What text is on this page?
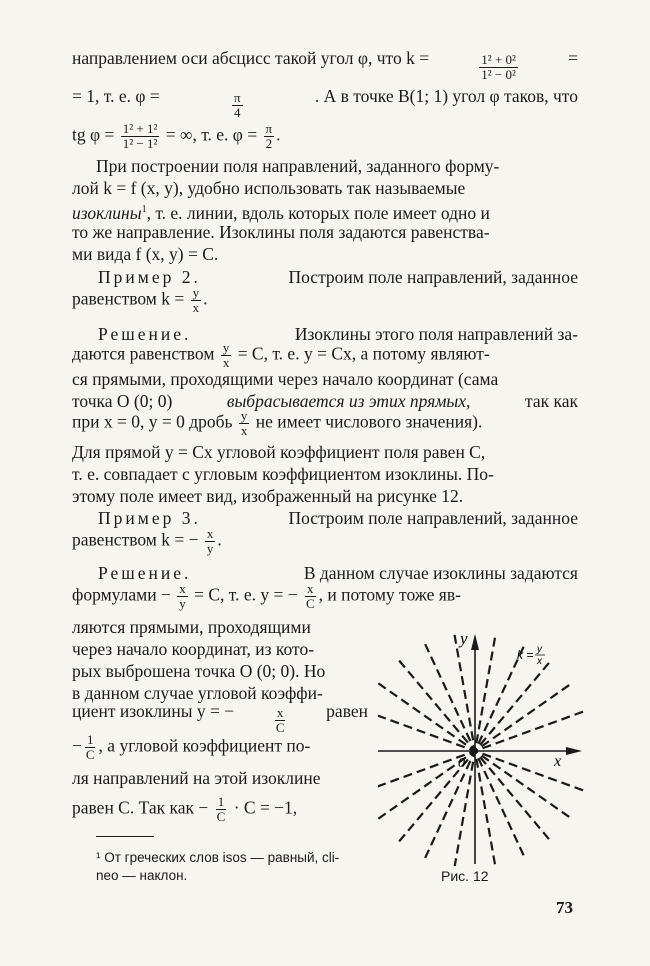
направлением оси абсцисс такой угол φ, что k =	$\frac{\text{1² + 0²}}{\text{1² − 0²}}$	=
= 1, т. е. φ =	$\frac{\pi}{4}$	. А в точке B(1; 1) угол φ таков, что
tg $\varphi = \frac{\text{1² + 1²}}{\text{1² − 1²}}$ = ∞, т. е. $\varphi = \frac{\pi}{2}$ .
При построении поля направлений, заданного форму-
лой k = f (x, y), удобно использовать так называемые
изоклины$^1$, т. е. линии, вдоль которых поле имеет одно и
то же направление. Изоклины поля задаются равенства-
ми вида f (x, y) = C.
Пример 2.	Построим поле направлений, заданное
равенством $k = \frac{y}{x}$ .
Решение.	Изоклины этого поля направлений за-
даются равенством $\frac{y}{x} = C$, т. е. y = Cx, а потому являют-
ся прямыми, проходящими через начало координат (сама
точка O (0; 0)	выбрасывается из этих прямых,	так как
при x = 0, y = 0 дробь $\frac{y}{x}$ не имеет числового значения).
Для прямой y = Cx угловой коэффициент поля равен C,
т. е. совпадает с угловым коэффициентом изоклины. По-
этому поле имеет вид, изображенный на рисунке 12.
Пример 3.	Построим поле направлений, заданное
равенством k = − $\frac{x}{y}$ .
Решение.	В данном случае изоклины задаются
формулами − $\frac{x}{y} = C$, т. е. y = − $\frac{x}{C}$ , и потому тоже яв-
ляются прямыми, проходящими
через начало координат, из кото-
рых выброшена точка O (0; 0). Но
в данном случае угловой коэффи-
циент изоклины y = −	$\frac{x}{C}$ равен
− $\frac{1}{C}$ , а угловой коэффициент по-
ля направлений на этой изоклине
равен C. Так как − $\frac{1}{C} \cdot C = -1$,
¹ От греческих слов isos — равный, cli-
neo — наклон.
y
x
0
k = y
x
Рис. 12
73
